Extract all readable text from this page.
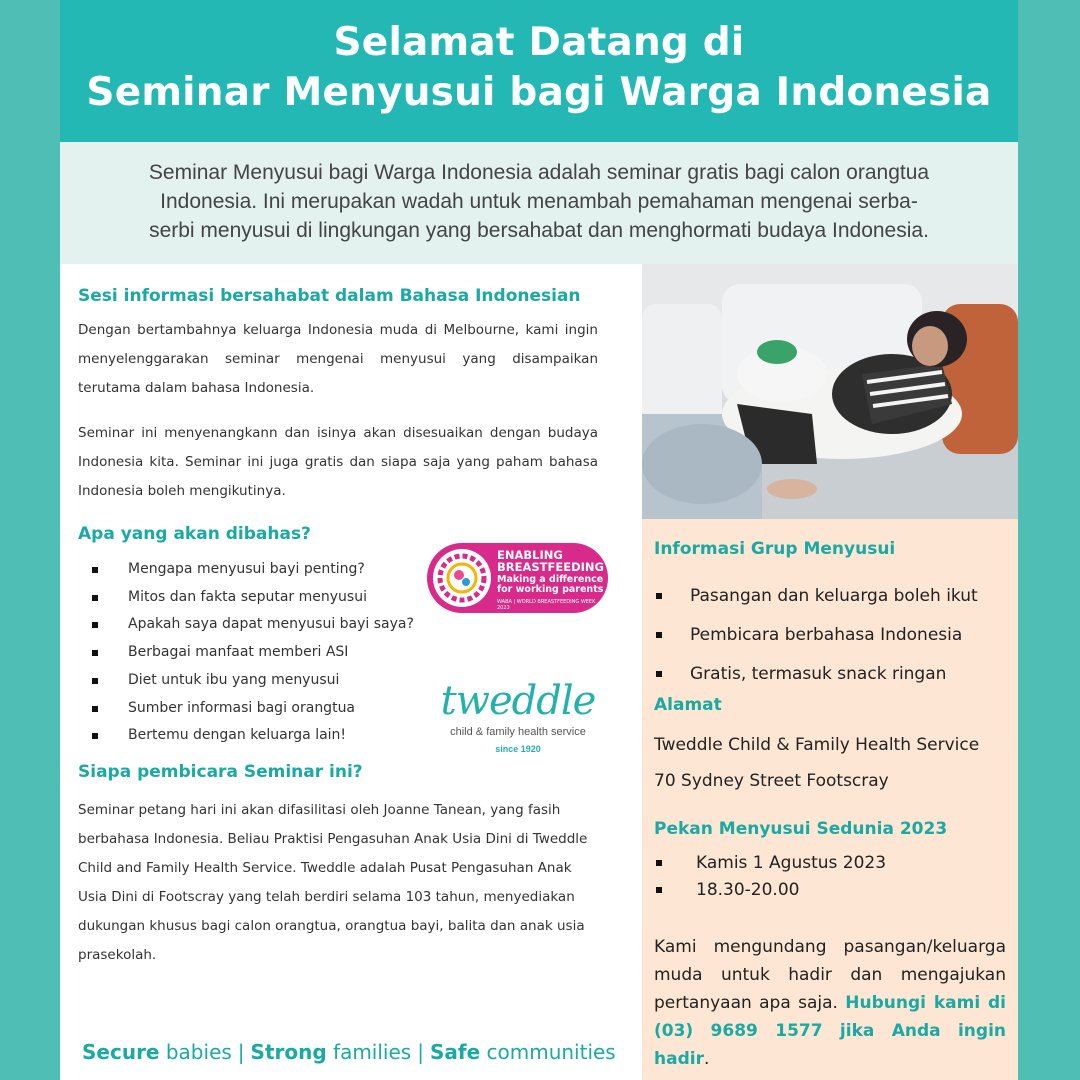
Selamat Datang di
Seminar Menyusui bagi Warga Indonesia
Seminar Menyusui bagi Warga Indonesia adalah seminar gratis bagi calon orangtua Indonesia. Ini merupakan wadah untuk menambah pemahaman mengenai serba-serbi menyusui di lingkungan yang bersahabat dan menghormati budaya Indonesia.

Sesi informasi bersahabat dalam Bahasa Indonesian

Dengan bertambahnya keluarga Indonesia muda di Melbourne, kami ingin menyelenggarakan seminar mengenai menyusui yang disampaikan terutama dalam bahasa Indonesia.

Seminar ini menyenangkann dan isinya akan disesuaikan dengan budaya Indonesia kita. Seminar ini juga gratis dan siapa saja yang paham bahasa Indonesia boleh mengikutinya.

Apa yang akan dibahas?

Mengapa menyusui bayi penting?
Mitos dan fakta seputar menyusui
Apakah saya dapat menyusui bayi saya?
Berbagai manfaat memberi ASI
Diet untuk ibu yang menyusui
Sumber informasi bagi orangtua
Bertemu dengan keluarga lain!

Siapa pembicara Seminar ini?

Seminar petang hari ini akan difasilitasi oleh Joanne Tanean, yang fasih berbahasa Indonesia. Beliau Praktisi Pengasuhan Anak Usia Dini di Tweddle Child and Family Health Service. Tweddle adalah Pusat Pengasuhan Anak Usia Dini di Footscray yang telah berdiri selama 103 tahun, menyediakan dukungan khusus bagi calon orangtua, orangtua bayi, balita dan anak usia prasekolah.

ENABLING
BREASTFEEDING
Making a difference
for working parents
WABA | WORLD BREASTFEEDING WEEK 2023
tweddle
child & family health service
since 1920

Informasi Grup Menyusui

Pasangan dan keluarga boleh ikut
Pembicara berbahasa Indonesia
Gratis, termasuk snack ringan

Alamat

Tweddle Child & Family Health Service
70 Sydney Street Footscray

Pekan Menyusui Sedunia 2023

Kamis 1 Agustus 2023
18.30-20.00
Kami mengundang pasangan/keluarga muda untuk hadir dan mengajukan pertanyaan apa saja. Hubungi kami di (03) 9689 1577 jika Anda ingin hadir.
Secure babies | Strong families | Safe communities
